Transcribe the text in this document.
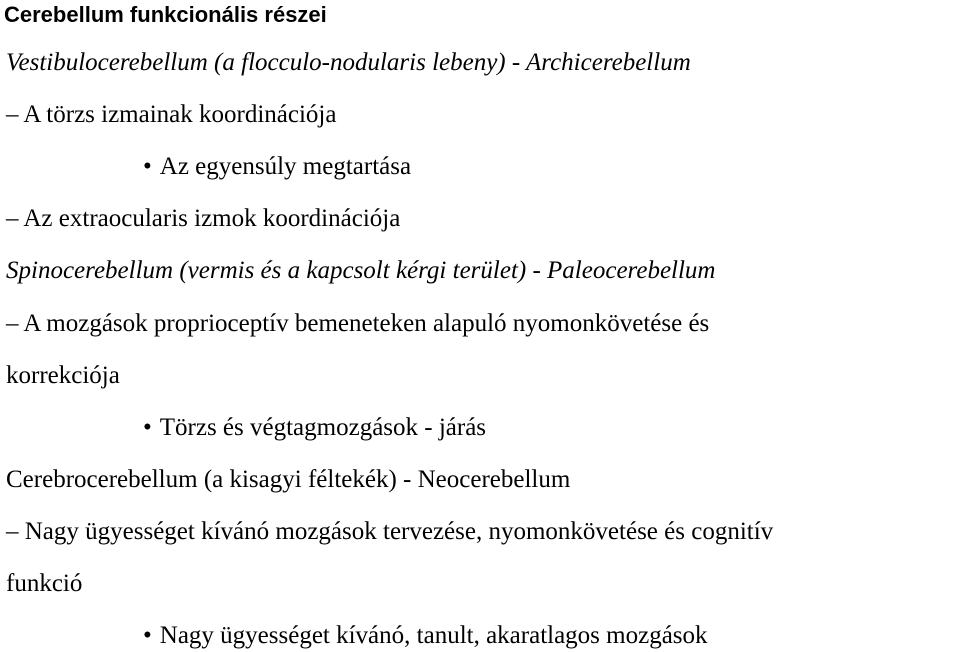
Cerebellum funkcionális részei
Vestibulocerebellum (a flocculo-nodularis lebeny) - Archicerebellum
– A törzs izmainak koordinációja
• Az egyensúly megtartása
– Az extraocularis izmok koordinációja
Spinocerebellum (vermis és a kapcsolt kérgi terület) - Paleocerebellum
– A mozgások proprioceptív bemeneteken alapuló nyomonkövetése és
korrekciója
• Törzs és végtagmozgások - járás
Cerebrocerebellum (a kisagyi féltekék) - Neocerebellum
– Nagy ügyességet kívánó mozgások tervezése, nyomonkövetése és cognitív
funkció
• Nagy ügyességet kívánó, tanult, akaratlagos mozgások
